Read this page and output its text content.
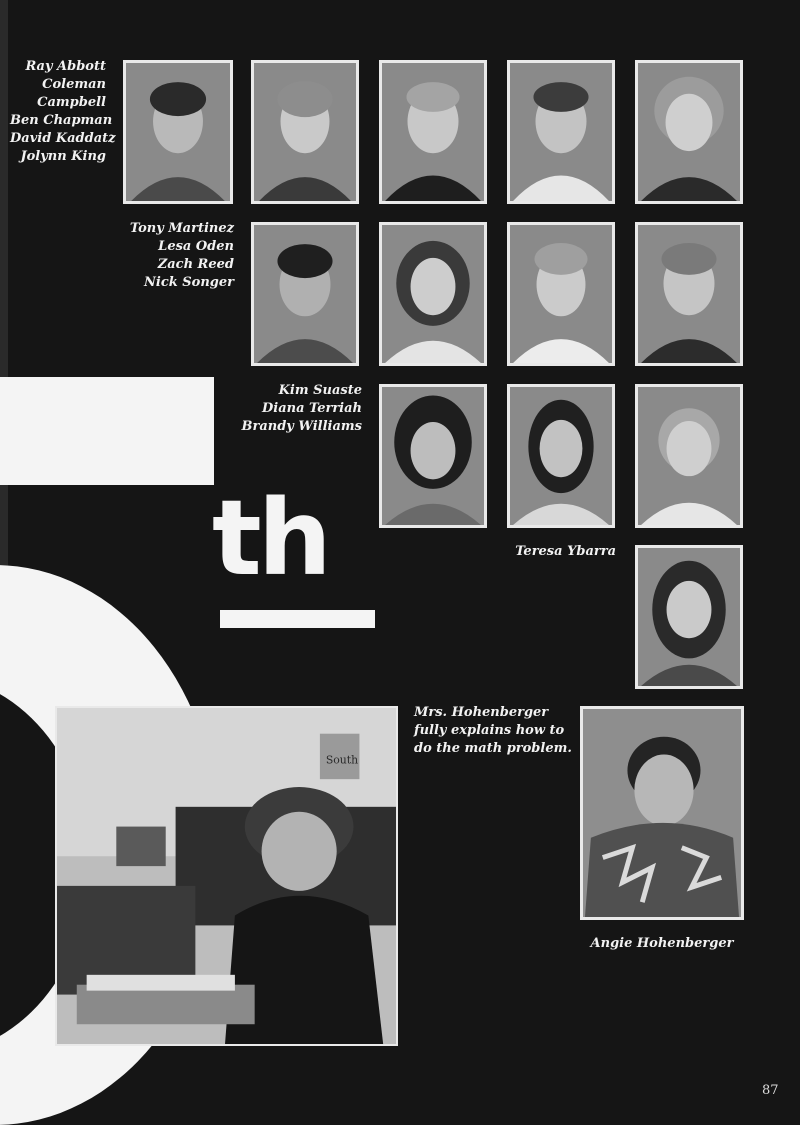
th
Ray Abbott
Coleman
Campbell
Ben Chapman
David Kaddatz
Jolynn King
Tony Martinez
Lesa Oden
Zach Reed
Nick Songer
Kim Suaste
Diana Terriah
Brandy Williams
Teresa Ybarra
South
Mrs. Hohenberger fully explains how to do the math problem.
Angie Hohenberger
87
